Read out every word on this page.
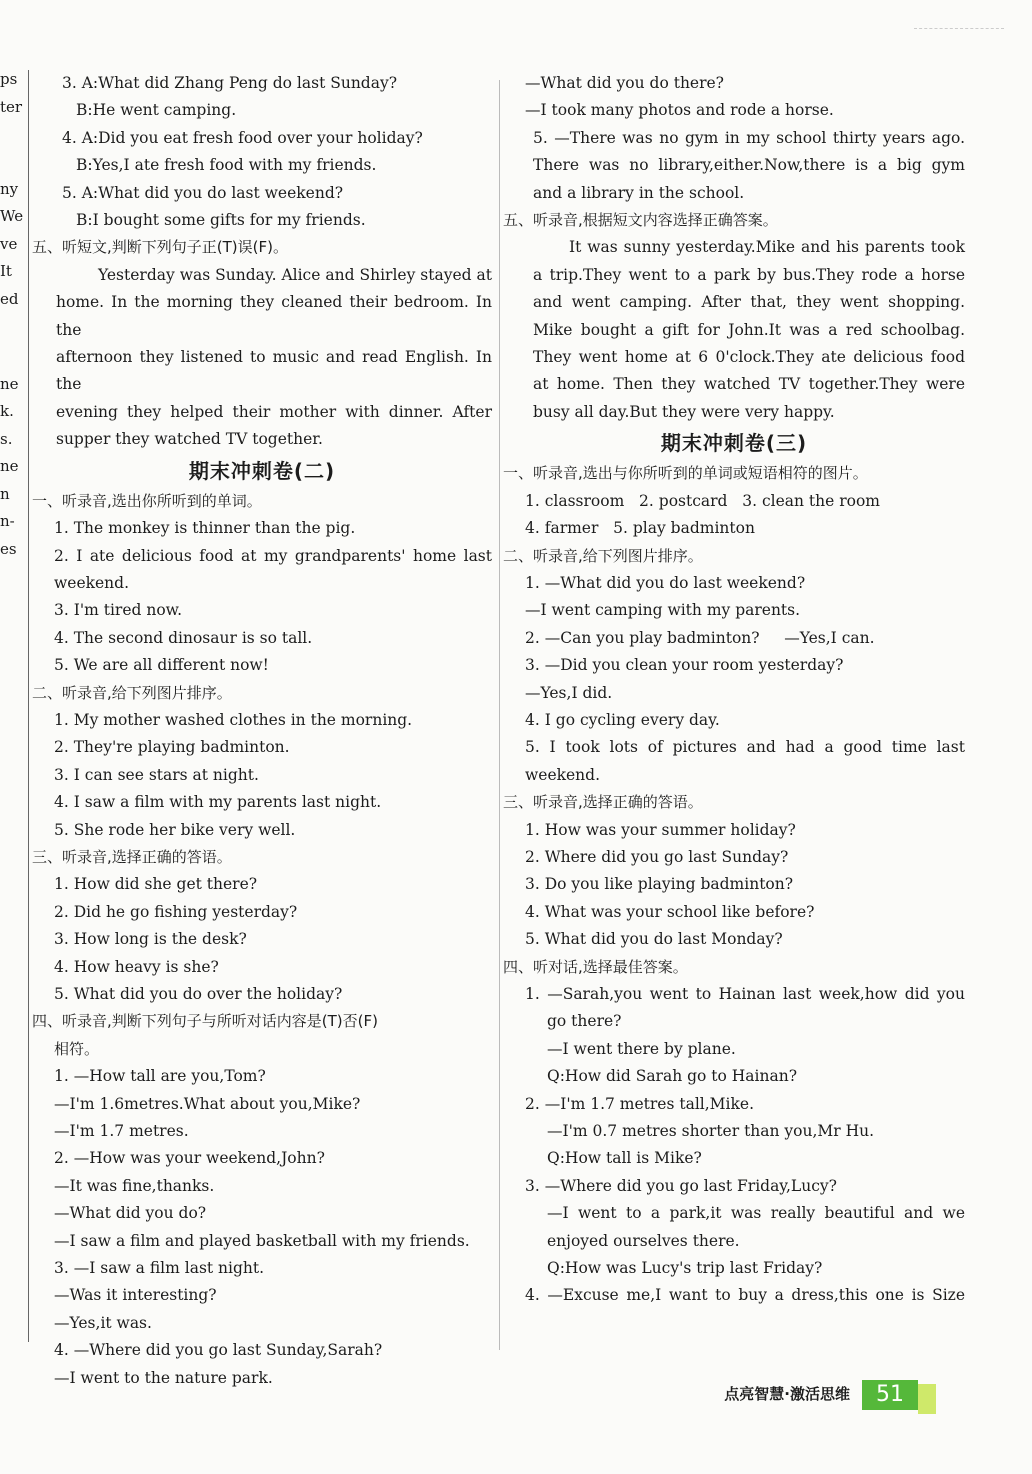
ps
ter
ny
We
ve
It
ed
ne
k.
s.
ne
n
n-
es
3. A:What did Zhang Peng do last Sunday?
B:He went camping.
4. A:Did you eat fresh food over your holiday?
B:Yes,I ate fresh food with my friends.
5. A:What did you do last weekend?
B:I bought some gifts for my friends.
五、听短文,判断下列句子正(T)误(F)。
Yesterday was Sunday. Alice and Shirley stayed at
home. In the morning they cleaned their bedroom. In the
afternoon they listened to music and read English. In the
evening they helped their mother with dinner. After
supper they watched TV together.
期末冲刺卷(二)
一、听录音,选出你所听到的单词。
1. The monkey is thinner than the pig.
2. I ate delicious food at my grandparents' home last
weekend.
3. I'm tired now.
4. The second dinosaur is so tall.
5. We are all different now!
二、听录音,给下列图片排序。
1. My mother washed clothes in the morning.
2. They're playing badminton.
3. I can see stars at night.
4. I saw a film with my parents last night.
5. She rode her bike very well.
三、听录音,选择正确的答语。
1. How did she get there?
2. Did he go fishing yesterday?
3. How long is the desk?
4. How heavy is she?
5. What did you do over the holiday?
四、听录音,判断下列句子与所听对话内容是(T)否(F)
相符。
1. —How tall are you,Tom?
—I'm 1.6metres.What about you,Mike?
—I'm 1.7 metres.
2. —How was your weekend,John?
—It was fine,thanks.
—What did you do?
—I saw a film and played basketball with my friends.
3. —I saw a film last night.
—Was it interesting?
—Yes,it was.
4. —Where did you go last Sunday,Sarah?
—I went to the nature park.
—What did you do there?
—I took many photos and rode a horse.
5. —There was no gym in my school thirty years ago.
There was no library,either.Now,there is a big gym
and a library in the school.
五、听录音,根据短文内容选择正确答案。
It was sunny yesterday.Mike and his parents took
a trip.They went to a park by bus.They rode a horse
and went camping. After that, they went shopping.
Mike bought a gift for John.It was a red schoolbag.
They went home at 6 0'clock.They ate delicious food
at home. Then they watched TV together.They were
busy all day.But they were very happy.
期末冲刺卷(三)
一、听录音,选出与你所听到的单词或短语相符的图片。
1. classroom   2. postcard   3. clean the room
4. farmer   5. play badminton
二、听录音,给下列图片排序。
1. —What did you do last weekend?
—I went camping with my parents.
2. —Can you play badminton?     —Yes,I can.
3. —Did you clean your room yesterday?
—Yes,I did.
4. I go cycling every day.
5. I took lots of pictures and had a good time last
weekend.
三、听录音,选择正确的答语。
1. How was your summer holiday?
2. Where did you go last Sunday?
3. Do you like playing badminton?
4. What was your school like before?
5. What did you do last Monday?
四、听对话,选择最佳答案。
1. —Sarah,you went to Hainan last week,how did you
go there?
—I went there by plane.
Q:How did Sarah go to Hainan?
2. —I'm 1.7 metres tall,Mike.
—I'm 0.7 metres shorter than you,Mr Hu.
Q:How tall is Mike?
3. —Where did you go last Friday,Lucy?
—I went to a park,it was really beautiful and we
enjoyed ourselves there.
Q:How was Lucy's trip last Friday?
4. —Excuse me,I want to buy a dress,this one is Size
点亮智慧·激活思维	51
